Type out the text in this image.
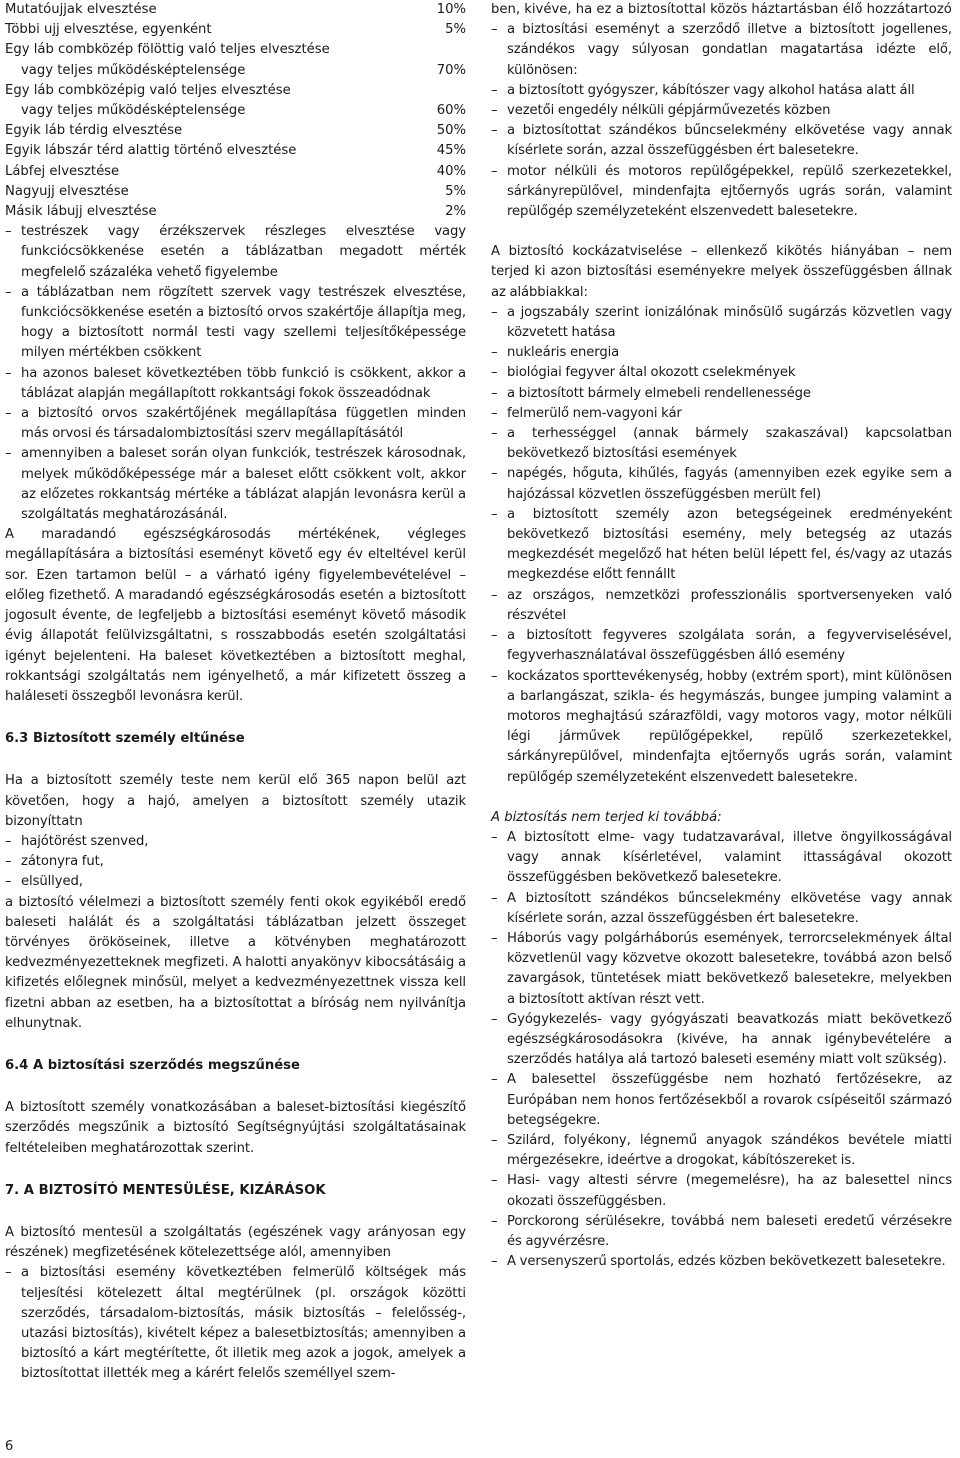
Mutatóujjak elvesztése	10%
Többi ujj elvesztése, egyenként	5%
Egy láb combközép fölöttig való teljes elvesztése
vagy teljes működésképtelensége	70%
Egy láb combközépig való teljes elvesztése
vagy teljes működésképtelensége	60%
Egyik láb térdig elvesztése	50%
Egyik lábszár térd alattig történő elvesztése	45%
Lábfej elvesztése	40%
Nagyujj elvesztése	5%
Másik lábujj elvesztése	2%

– testrészek vagy érzékszervek részleges elvesztése vagy funkciócsökkenése esetén a táblázatban megadott mérték megfelelő százaléka vehető figyelembe

– a táblázatban nem rögzített szervek vagy testrészek elvesztése, funkciócsökkenése esetén a biztosító orvos szakértője állapítja meg, hogy a biztosított normál testi vagy szellemi teljesítőképessége milyen mértékben csökkent

– ha azonos baleset következtében több funkció is csökkent, akkor a táblázat alapján megállapított rokkantsági fokok összeadódnak

– a biztosító orvos szakértőjének megállapítása független minden más orvosi és társadalombiztosítási szerv megállapításától

– amennyiben a baleset során olyan funkciók, testrészek károsodnak, melyek működőképessége már a baleset előtt csökkent volt, akkor az előzetes rokkantság mértéke a táblázat alapján levonásra kerül a szolgáltatás meghatározásánál.

A maradandó egészségkárosodás mértékének, végleges megállapítására a biztosítási eseményt követő egy év elteltével kerül sor. Ezen tartamon belül – a várható igény figyelembevételével – előleg fizethető. A maradandó egészségkárosodás esetén a biztosított jogosult évente, de legfeljebb a biztosítási eseményt követő második évig állapotát felülvizsgáltatni, s rosszabbodás esetén szolgáltatási igényt bejelenteni. Ha baleset következtében a biztosított meghal, rokkantsági szolgáltatás nem igényelhető, a már kifizetett összeg a haláleseti összegből levonásra kerül.

6.3 Biztosított személy eltűnése

Ha a biztosított személy teste nem kerül elő 365 napon belül azt követően, hogy a hajó, amelyen a biztosított személy utazik bizonyíttatn

– hajótörést szenved,

– zátonyra fut,

– elsüllyed,

a biztosító vélelmezi a biztosított személy fenti okok egyikéből eredő baleseti halálát és a szolgáltatási táblázatban jelzett összeget törvényes örököseinek, illetve a kötvényben meghatározott kedvezményezetteknek megfizeti. A halotti anyakönyv kibocsátásáig a kifizetés előlegnek minősül, melyet a kedvezményezettnek vissza kell fizetni abban az esetben, ha a biztosítottat a bíróság nem nyilvánítja elhunytnak.

6.4 A biztosítási szerződés megszűnése

A biztosított személy vonatkozásában a baleset-biztosítási kiegészítő szerződés megszűnik a biztosító Segítségnyújtási szolgáltatásainak feltételeiben meghatározottak szerint.

7. A BIZTOSÍTÓ MENTESÜLÉSE, KIZÁRÁSOK

A biztosító mentesül a szolgáltatás (egészének vagy arányosan egy részének) megfizetésének kötelezettsége alól, amennyiben

– a biztosítási esemény következtében felmerülő költségek más teljesítési kötelezett által megtérülnek (pl. országok közötti szerződés, társadalom-biztosítás, másik biztosítás – felelősség-, utazási biztosítás), kivételt képez a balesetbiztosítás; amennyiben a biztosító a kárt megtérítette, őt illetik meg azok a jogok, amelyek a biztosítottat illették meg a kárért felelős személlyel szem-

ben, kivéve, ha ez a biztosítottal közös háztartásban élő hozzátartozó

– a biztosítási eseményt a szerződő illetve a biztosított jogellenes, szándékos vagy súlyosan gondatlan magatartása idézte elő, különösen:

– a biztosított gyógyszer, kábítószer vagy alkohol hatása alatt áll

– vezetői engedély nélküli gépjárművezetés közben

– a biztosítottat szándékos bűncselekmény elkövetése vagy annak kísérlete során, azzal összefüggésben ért balesetekre.

– motor nélküli és motoros repülőgépekkel, repülő szerkezetekkel, sárkányrepülővel, mindenfajta ejtőernyős ugrás során, valamint repülőgép személyzeteként elszenvedett balesetekre.

A biztosító kockázatviselése – ellenkező kikötés hiányában – nem terjed ki azon biztosítási eseményekre melyek összefüggésben állnak az alábbiakkal:

– a jogszabály szerint ionizálónak minősülő sugárzás közvetlen vagy közvetett hatása

– nukleáris energia

– biológiai fegyver által okozott cselekmények

– a biztosított bármely elmebeli rendellenessége

– felmerülő nem-vagyoni kár

– a terhességgel (annak bármely szakaszával) kapcsolatban bekövetkező biztosítási események

– napégés, hőguta, kihűlés, fagyás (amennyiben ezek egyike sem a hajózással közvetlen összefüggésben merült fel)

– a biztosított személy azon betegségeinek eredményeként bekövetkező biztosítási esemény, mely betegség az utazás megkezdését megelőző hat héten belül lépett fel, és/vagy az utazás megkezdése előtt fennállt

– az országos, nemzetközi professzionális sportversenyeken való részvétel

– a biztosított fegyveres szolgálata során, a fegyverviselésével, fegyverhasználatával összefüggésben álló esemény

– kockázatos sporttevékenység, hobby (extrém sport), mint különösen a barlangászat, szikla- és hegymászás, bungee jumping valamint a motoros meghajtású szárazföldi, vagy motoros vagy, motor nélküli légi járművek repülőgépekkel, repülő szerkezetekkel, sárkányrepülővel, mindenfajta ejtőernyős ugrás során, valamint repülőgép személyzeteként elszenvedett balesetekre.

A biztosítás nem terjed ki továbbá:

– A biztosított elme- vagy tudatzavarával, illetve öngyilkosságával vagy annak kísérletével, valamint ittasságával okozott összefüggésben bekövetkező balesetekre.

– A biztosított szándékos bűncselekmény elkövetése vagy annak kísérlete során, azzal összefüggésben ért balesetekre.

– Háborús vagy polgárháborús események, terrorcselekmények által közvetlenül vagy közvetve okozott balesetekre, továbbá azon belső zavargások, tüntetések miatt bekövetkező balesetekre, melyekben a biztosított aktívan részt vett.

– Gyógykezelés- vagy gyógyászati beavatkozás miatt bekövetkező egészségkárosodásokra (kivéve, ha annak igénybevételére a szerződés hatálya alá tartozó baleseti esemény miatt volt szükség).

– A balesettel összefüggésbe nem hozható fertőzésekre, az Európában nem honos fertőzésekből a rovarok csípéseitől származó betegségekre.

– Szilárd, folyékony, légnemű anyagok szándékos bevétele miatti mérgezésekre, ideértve a drogokat, kábítószereket is.

– Hasi- vagy altesti sérvre (megemelésre), ha az balesettel nincs okozati összefüggésben.

– Porckorong sérülésekre, továbbá nem baleseti eredetű vérzésekre és agyvérzésre.

– A versenyszerű sportolás, edzés közben bekövetkezett balesetekre.

6
